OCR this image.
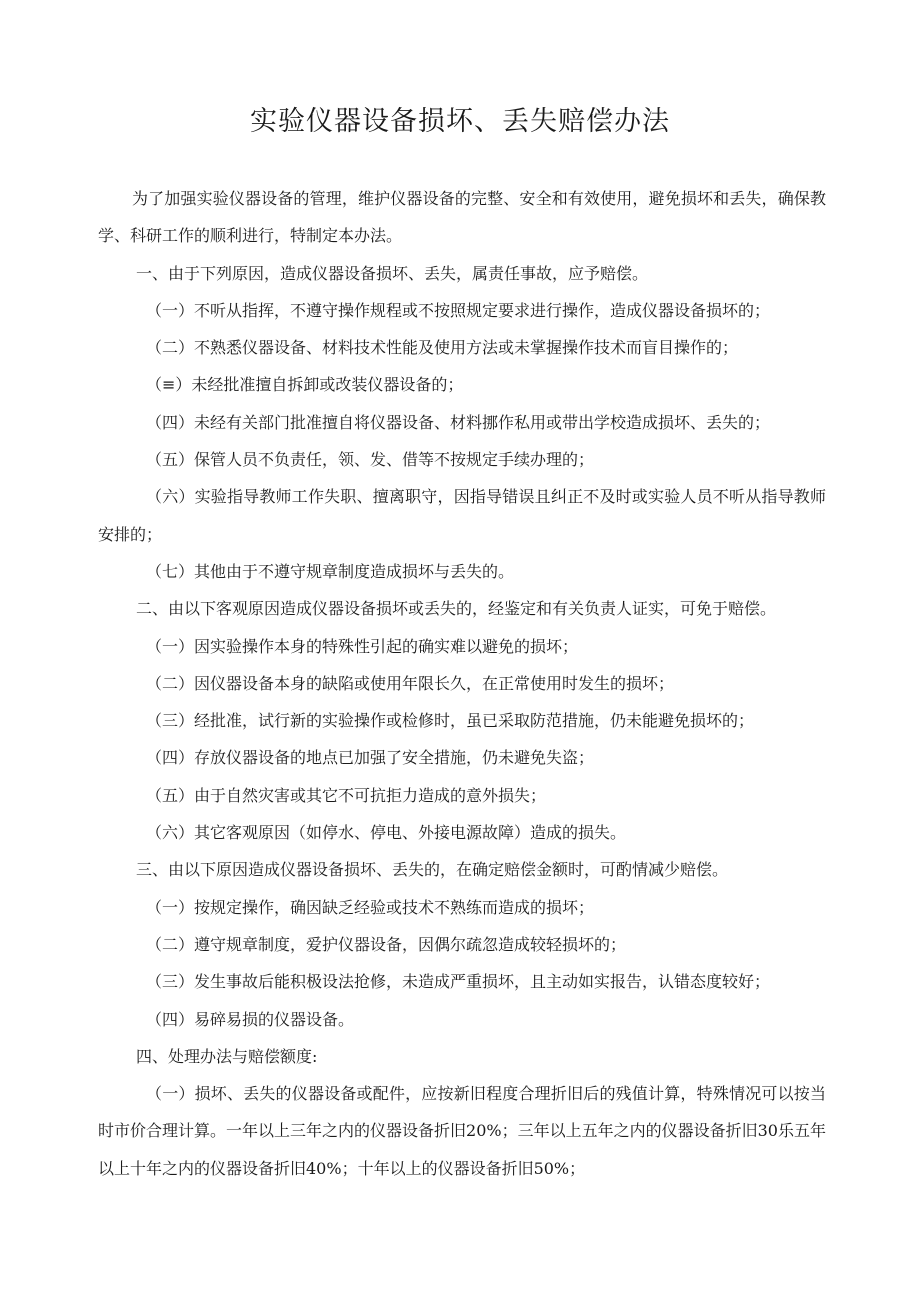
实验仪器设备损坏、丢失赔偿办法

为了加强实验仪器设备的管理，维护仪器设备的完整、安全和有效使用，避免损坏和丢失，确保教学、科研工作的顺利进行，特制定本办法。

一、由于下列原因，造成仪器设备损坏、丢失，属责任事故，应予赔偿。

（一）不听从指挥，不遵守操作规程或不按照规定要求进行操作，造成仪器设备损坏的；

（二）不熟悉仪器设备、材料技术性能及使用方法或未掌握操作技术而盲目操作的；

（≡）未经批准擅自拆卸或改装仪器设备的；

（四）未经有关部门批准擅自将仪器设备、材料挪作私用或带出学校造成损坏、丢失的；

（五）保管人员不负责任，领、发、借等不按规定手续办理的；

（六）实验指导教师工作失职、擅离职守，因指导错误且纠正不及时或实验人员不听从指导教师安排的；

（七）其他由于不遵守规章制度造成损坏与丢失的。

二、由以下客观原因造成仪器设备损坏或丢失的，经鉴定和有关负责人证实，可免于赔偿。

（一）因实验操作本身的特殊性引起的确实难以避免的损坏；

（二）因仪器设备本身的缺陷或使用年限长久，在正常使用时发生的损坏；

（三）经批准，试行新的实验操作或检修时，虽已采取防范措施，仍未能避免损坏的；

（四）存放仪器设备的地点已加强了安全措施，仍未避免失盗；

（五）由于自然灾害或其它不可抗拒力造成的意外损失；

（六）其它客观原因（如停水、停电、外接电源故障）造成的损失。

三、由以下原因造成仪器设备损坏、丢失的，在确定赔偿金额时，可酌情减少赔偿。

（一）按规定操作，确因缺乏经验或技术不熟练而造成的损坏；

（二）遵守规章制度，爱护仪器设备，因偶尔疏忽造成较轻损坏的；

（三）发生事故后能积极设法抢修，未造成严重损坏，且主动如实报告，认错态度较好；

（四）易碎易损的仪器设备。

四、处理办法与赔偿额度:

（一）损坏、丢失的仪器设备或配件，应按新旧程度合理折旧后的残值计算，特殊情况可以按当时市价合理计算。一年以上三年之内的仪器设备折旧20%；三年以上五年之内的仪器设备折旧30乐五年以上十年之内的仪器设备折旧40%；十年以上的仪器设备折旧50%；
